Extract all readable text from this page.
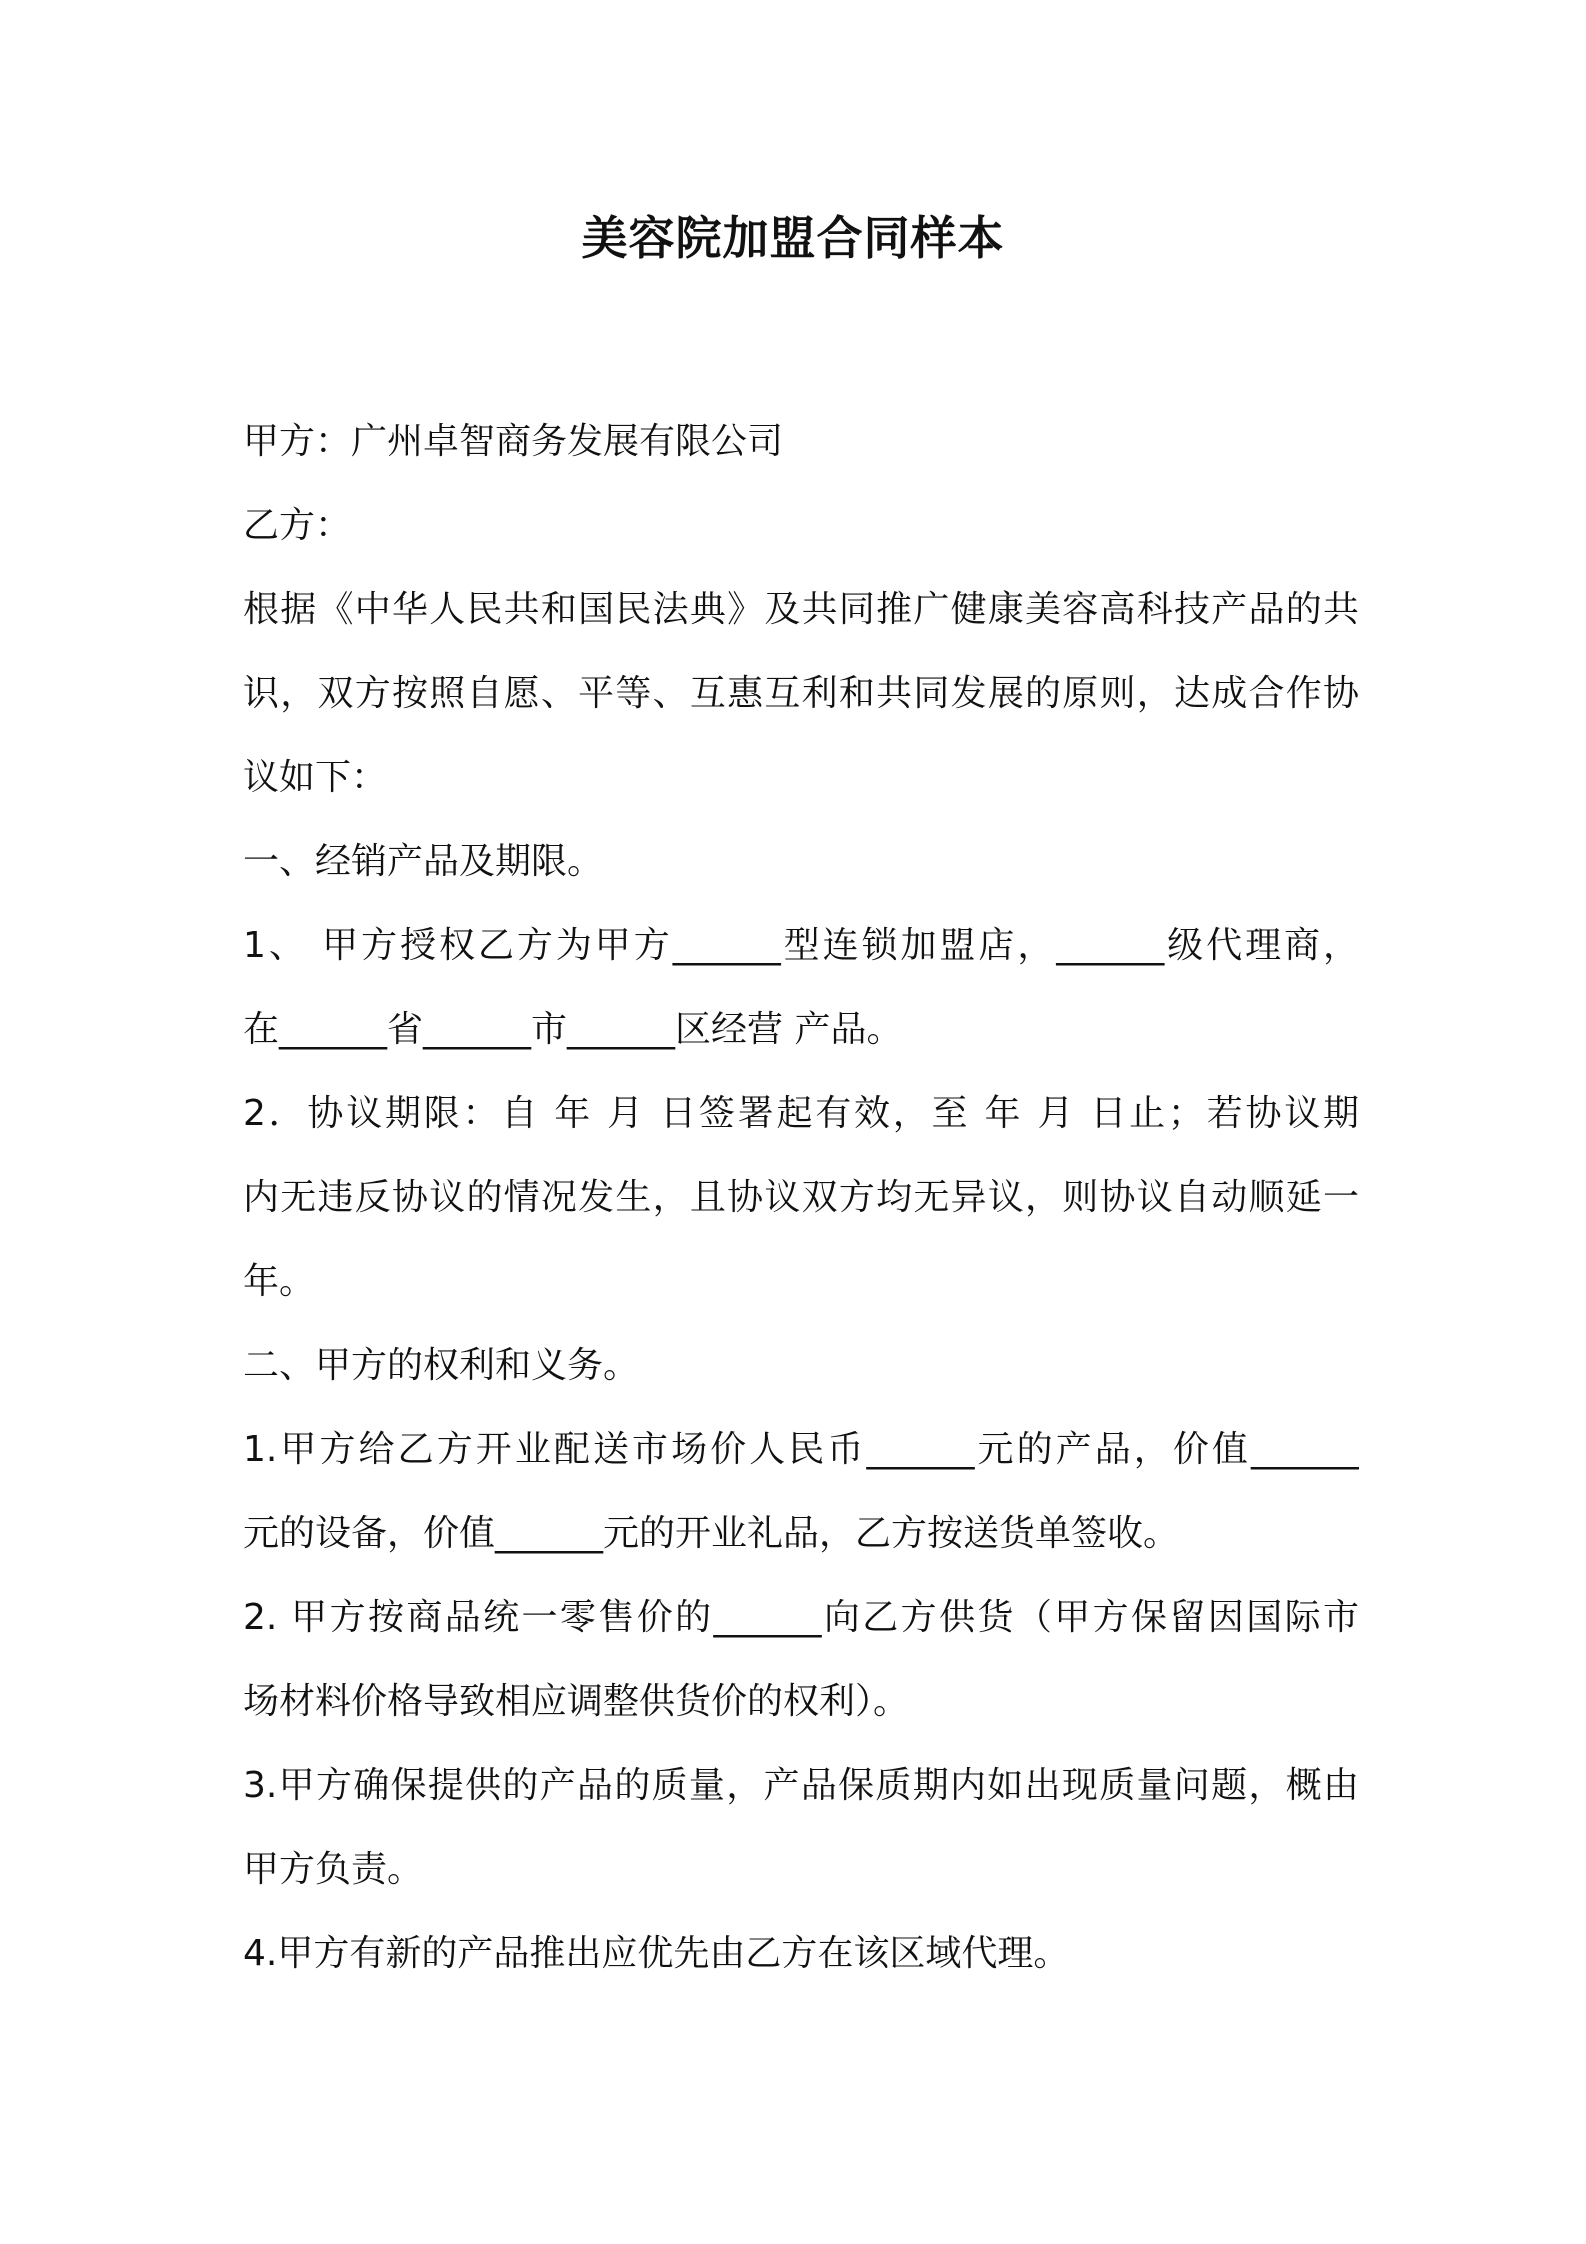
美容院加盟合同样本
甲方：广州卓智商务发展有限公司
乙方：
根据《中华人民共和国民法典》及共同推广健康美容高科技产品的共
识，双方按照自愿、平等、互惠互利和共同发展的原则，达成合作协
议如下：
一、经销产品及期限。
1、 甲方授权乙方为甲方______型连锁加盟店，______级代理商，
在______省______市______区经营 产品。
2．协议期限：自 年 月 日签署起有效，至 年 月 日止；若协议期
内无违反协议的情况发生，且协议双方均无异议，则协议自动顺延一
年。
二、甲方的权利和义务。
1.甲方给乙方开业配送市场价人民币______元的产品，价值______
元的设备，价值______元的开业礼品，乙方按送货单签收。
2. 甲方按商品统一零售价的______向乙方供货（甲方保留因国际市
场材料价格导致相应调整供货价的权利）。
3.甲方确保提供的产品的质量，产品保质期内如出现质量问题，概由
甲方负责。
4.甲方有新的产品推出应优先由乙方在该区域代理。
